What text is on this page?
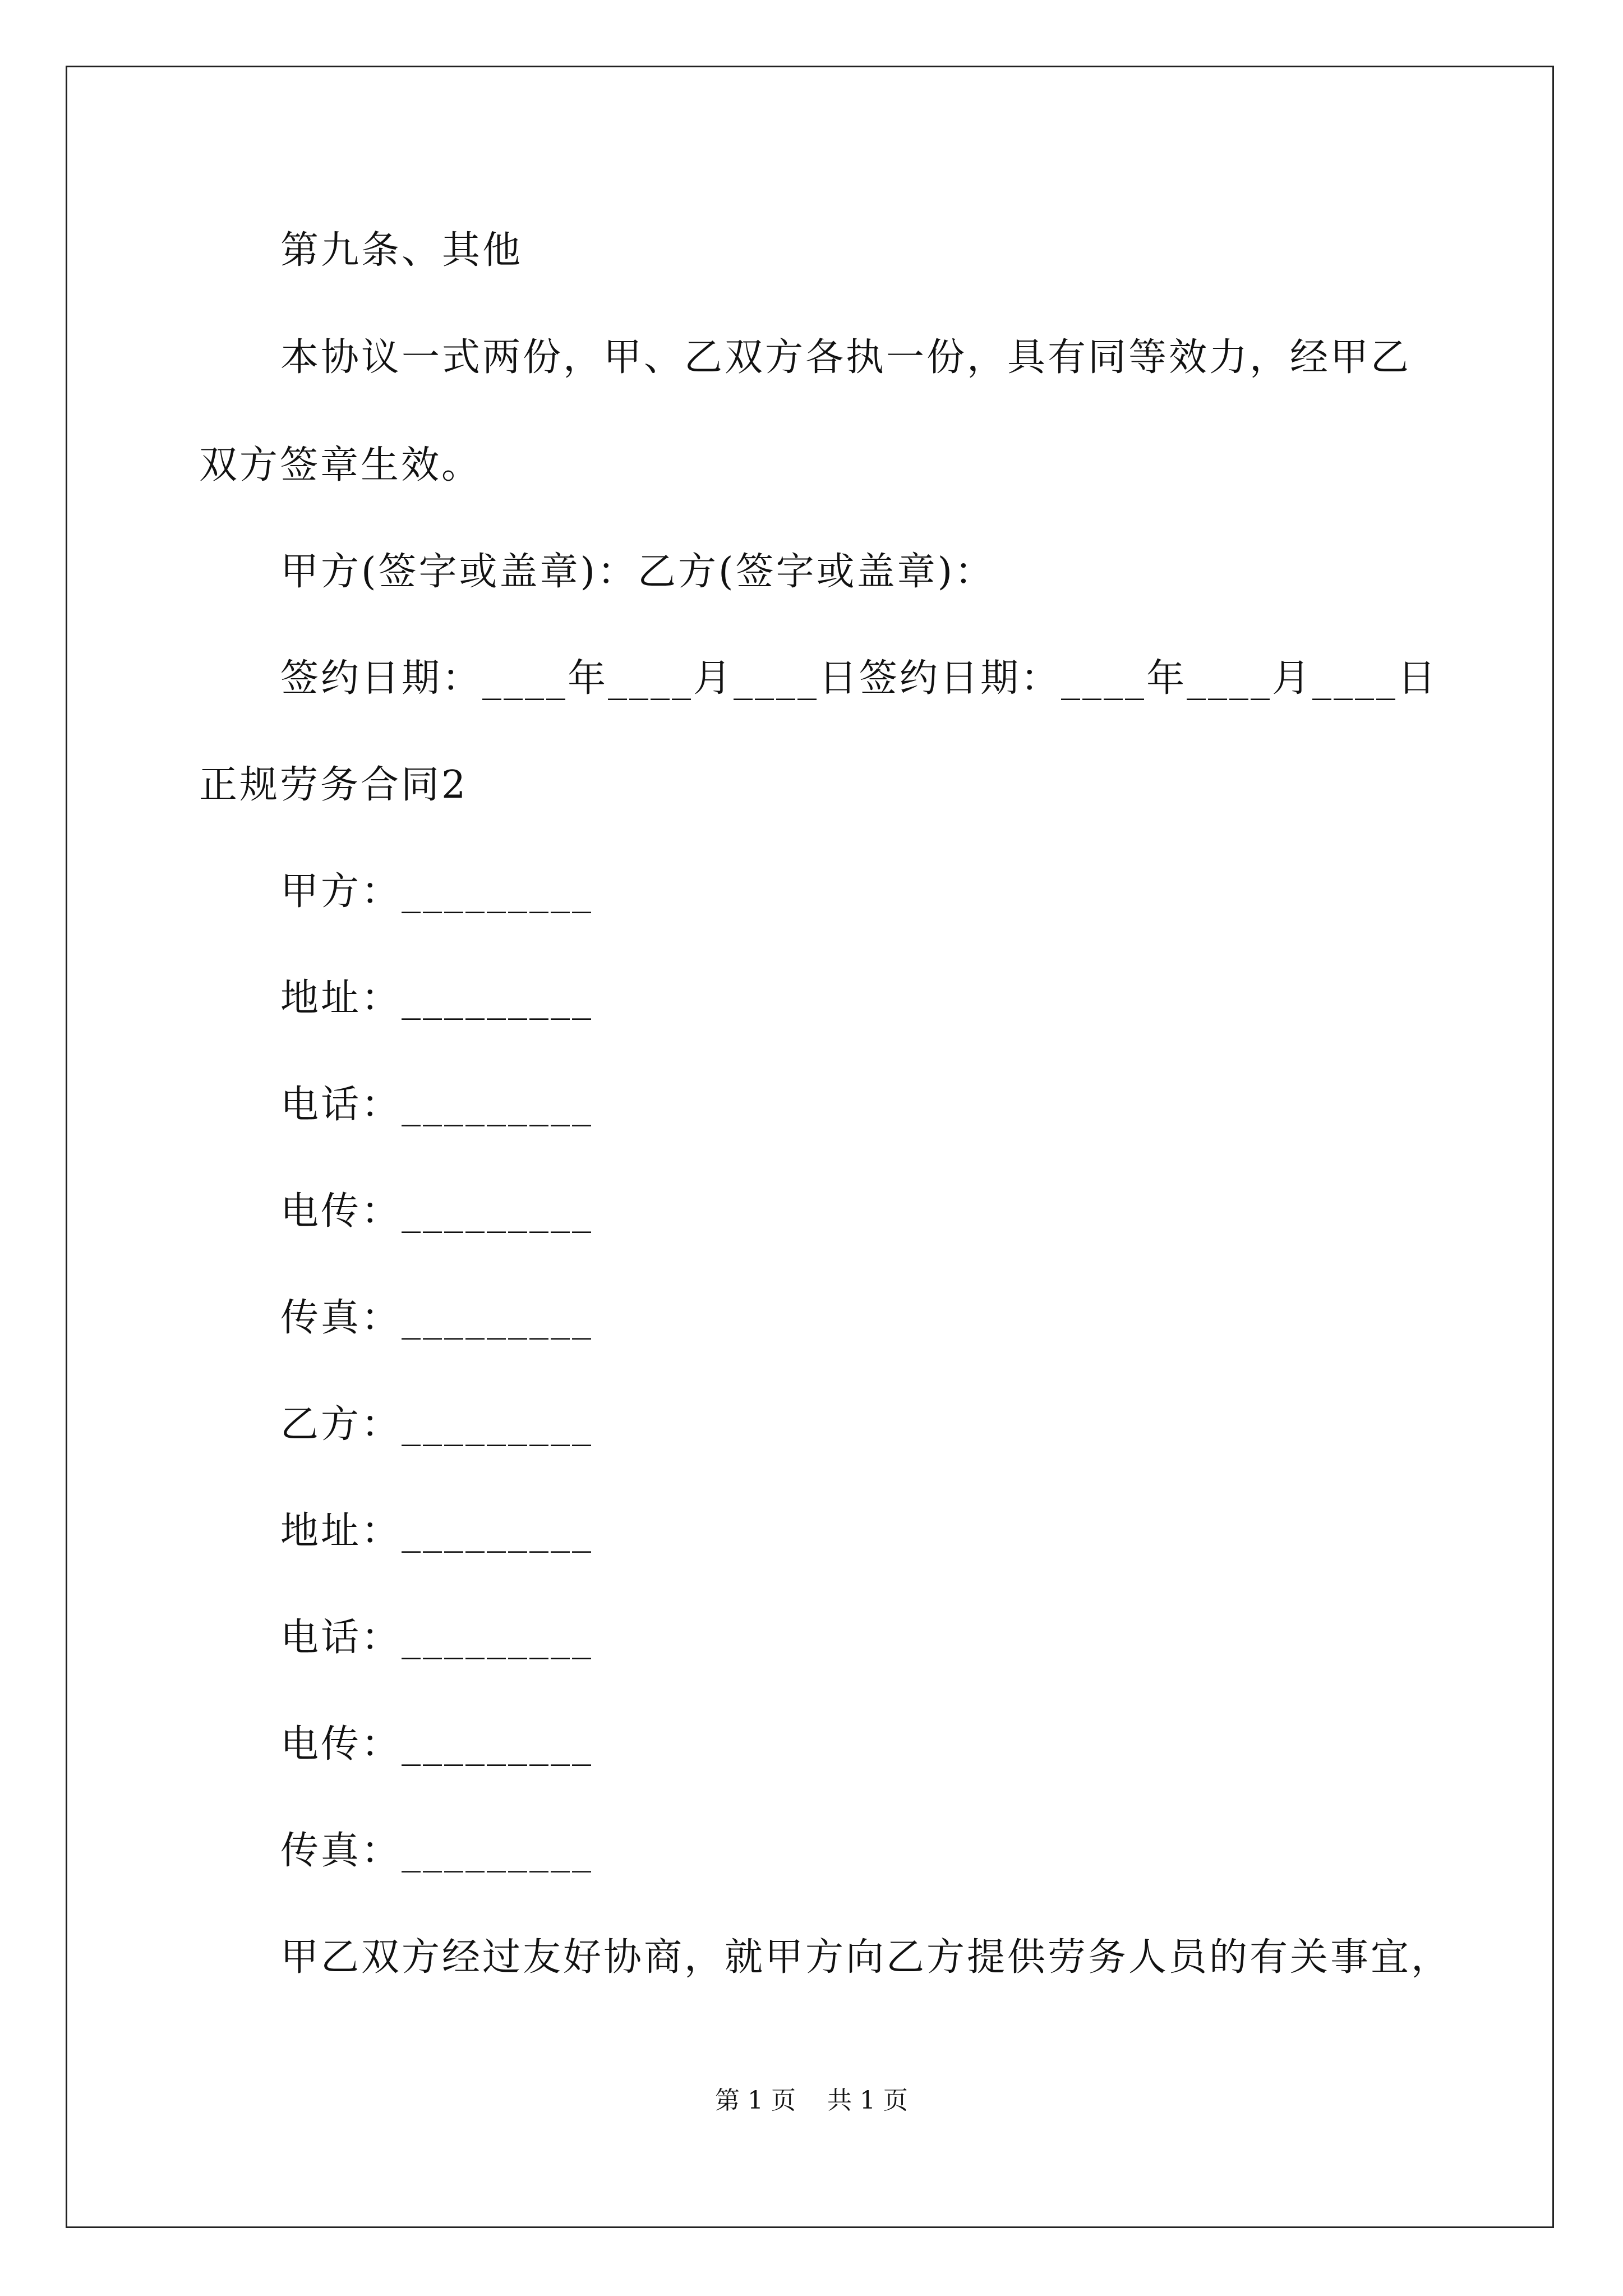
第九条、其他
本协议一式两份，甲、乙双方各执一份，具有同等效力，经甲乙
双方签章生效。
甲方(签字或盖章)：乙方(签字或盖章)：
签约日期：____年____月____日签约日期：____年____月____日
正规劳务合同2
甲方：_________
地址：_________
电话：_________
电传：_________
传真：_________
乙方：_________
地址：_________
电话：_________
电传：_________
传真：_________
甲乙双方经过友好协商，就甲方向乙方提供劳务人员的有关事宜，
第 1 页    共 1 页
